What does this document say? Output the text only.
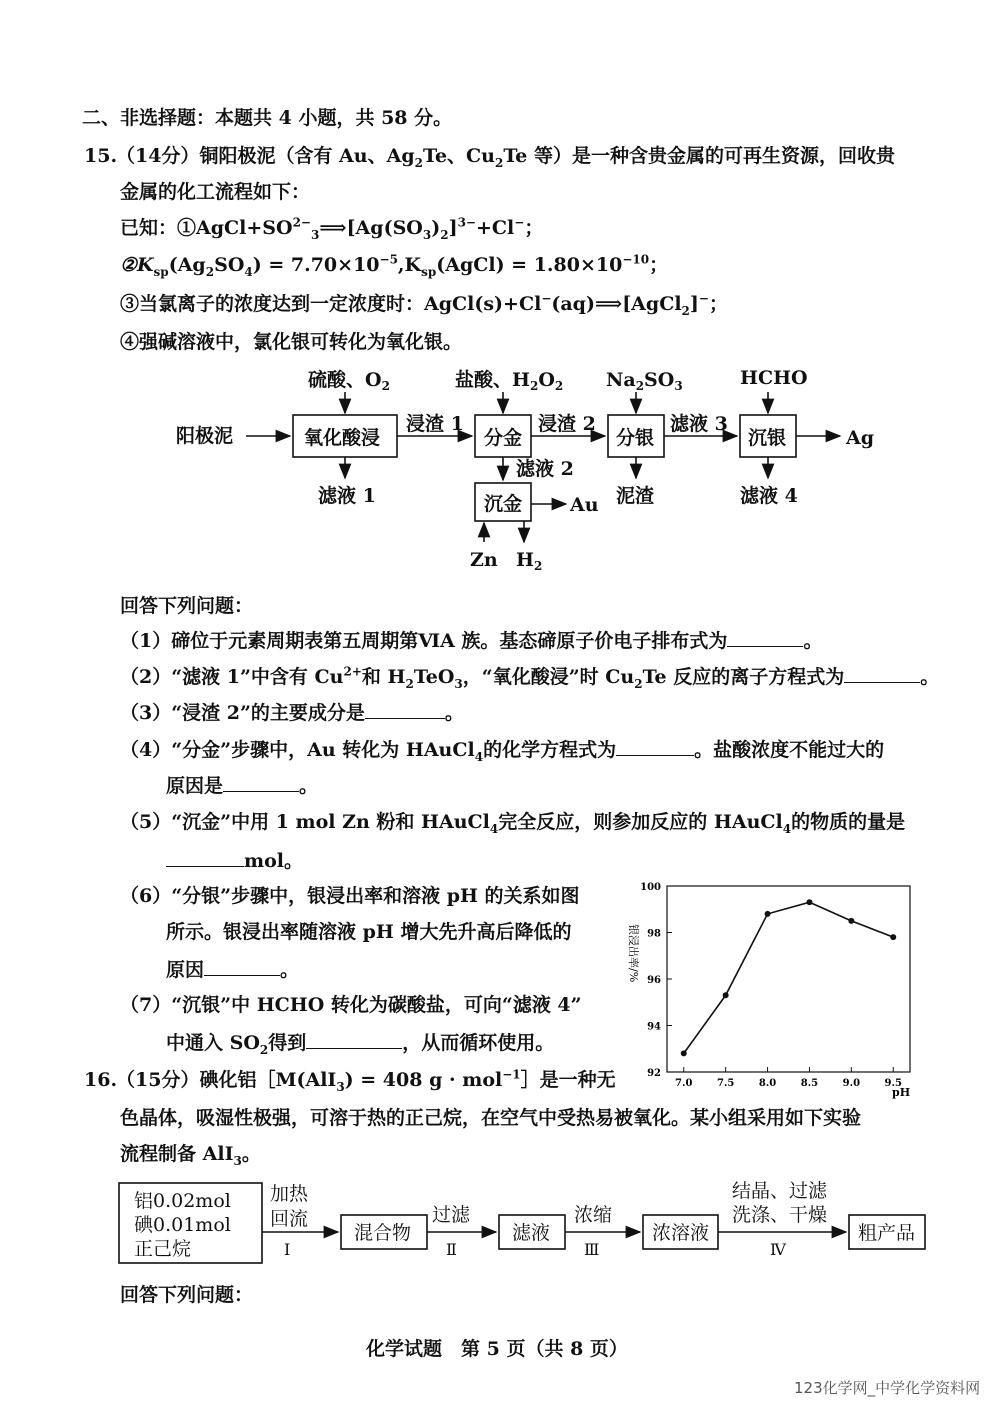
二、非选择题：本题共 4 小题，共 58 分。
15.
（14分）铜阳极泥（含有 Au、$Ag_2Te$、$Cu_2Te$ 等）是一种含贵金属的可再生资源，回收贵
金属的化工流程如下：
已知：$①AgCl+SO^{2-}_3⟹[Ag(SO_3)_2]^{3-}+Cl^-$；
$②K_{sp}(Ag_2SO_4)$ = $7.70\times 10^{-5},K_{sp}(AgCl) = 1.80\times 10^{-10}$；
③当氯离子的浓度达到一定浓度时：AgCl(s)+Cl−(aq)⟹[AgCl$_2$]−；
④强碱溶液中，氯化银可转化为氧化银。
阳极泥	氧化酸浸
硫酸、$O_2$
滤液 1
浸渣 1
分金
盐酸、$H_2O_2$
浸渣 2
滤液 2
沉金	Au
Zn $H_2$
分银
$Na_2SO_3$
泥渣
滤液 3
沉银
HCHO
滤液 4
Ag
回答下列问题：
（1）碲位于元素周期表第五周期第ⅥA 族。基态碲原子价电子排布式为	。
（2）“滤液 1”中含有 $Cu^{2+}$和 $H_2TeO_3$，“氧化酸浸”时 $Cu_2Te$ 反应的离子方程式为	。
（3）“浸渣 2”的主要成分是	。
（4）“分金”步骤中，Au 转化为 HAuCl$_4$的化学方程式为	。盐酸浓度不能过大的
原因是	。
（5）“沉金”中用 1 mol Zn 粉和 HAuCl$_4$完全反应，则参加反应的 HAuCl$_4$的物质的量是
mol。
（6）“分银”步骤中，银浸出率和溶液 pH 的关系如图
所示。银浸出率随溶液 pH 增大先升高后降低的
原因	。
（7）“沉银”中 HCHO 转化为碳酸盐，可向“滤液 4”
中通入 $SO_2$得到	，从而循环使用。
92
94
96
98
100
7.0 7.5 8.0 8.5 9.0 9.5
银浸出率/%
pH
16.
（15分）碘化铝［M(AlI$_3$) = 408 g · mol$^{-1}$］是一种无
色晶体，吸湿性极强，可溶于热的正己烷，在空气中受热易被氧化。某小组采用如下实验
流程制备 AlI$_3$。
铝0.02mol
碘0.01mol
正己烷
加热
回流
I
混合物
过滤
Ⅱ
滤液
浓缩
Ⅲ
浓溶液
结晶、过滤
洗涤、干燥
Ⅳ
粗产品
回答下列问题：
化学试题　第 5 页（共 8 页）
123化学网_中学化学资料网
